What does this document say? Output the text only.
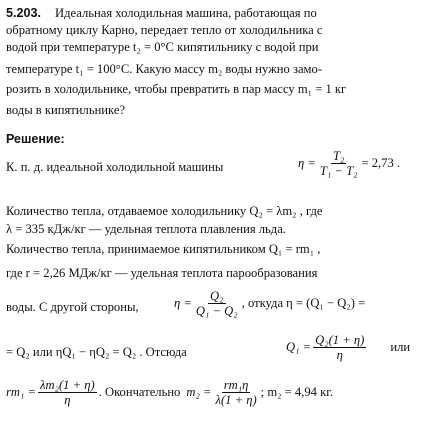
5.203. Идеальная холодильная машина, работающая по
обратному циклу Карно, передает тепло от холодильника с
водой при температуре t₂ = 0°C кипятильнику с водой при
температуре t₁ = 100°C. Какую массу m₂ воды нужно замо-
розить в холодильнике, чтобы превратить в пар массу m₁ = 1 кг
воды в кипятильнике?
Решение:
К. п. д. идеальной холодильной машины	$\eta = \frac{\text{T₂}}{\text{T₁ − T₂}} = 2,73$ .
Количество тепла, отдаваемое холодильнику Q₂ = λm₂ , где
λ = 335 кДж/кг — удельная теплота плавления льда.
Количество тепла, принимаемое кипятильником Q₁ = rm₁ ,
где r = 2,26 МДж/кг — удельная теплота парообразования
воды. С другой стороны,	$\eta = \frac{\text{Q₂}}{\text{Q₁ − Q₂}}$ , откуда η = (Q₁ − Q₂) =
= Q₂ или ηQ₁ − ηQ₂ = Q₂ . Отсюда	$Q_1 = \frac{\text{Q₂(1 + η)}}{\eta}$ или
$rm_1 = \frac{\text{λm₂(1 + η)}}{\eta}$ . Окончательно $m_2 = \frac{\text{rm₁η}}{\lambda(1 + \eta)}$ ; m₂ = 4,94 кг.
